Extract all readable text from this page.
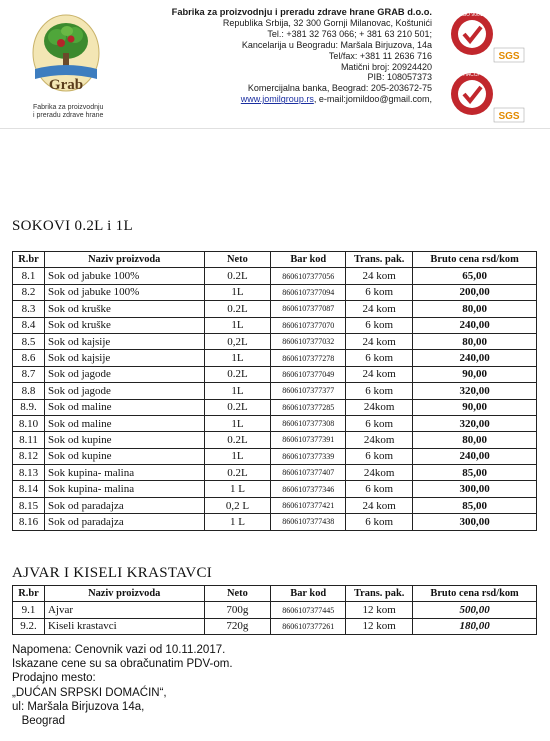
Grab
Fabrika za proizvodnju
i preradu zdrave hrane
Fabrika za proizvodnju i preradu zdrave hrane GRAB d.o.o.
Republika Srbija, 32 300 Gornji Milanovac, Koštunići
Tel.: +381 32 763 066; + 381 63 210 501;
Kancelarija u Beogradu: Maršala Birjuzova, 14a
Tel/fax: +381 11 2636 716
Matični broj: 20924420
PIB: 108057373
Komercijalna banka, Beograd: 205-203672-75
www.jomilgroup.rs, e-mail:jomildoo@gmail.com,
ISO 9001
SGS
HACCP
SGS
SOKOVI 0.2L i 1L
R.br	Naziv proizvoda	Neto	Bar kod	Trans. pak.	Bruto cena rsd/kom
8.1	Sok od jabuke 100%	0.2L	8606107377056	24 kom	65,00
8.2	Sok od jabuke 100%	1L	8606107377094	6 kom	200,00
8.3	Sok od kruške	0.2L	8606107377087	24 kom	80,00
8.4	Sok od kruške	1L	8606107377070	6 kom	240,00
8.5	Sok od kajsije	0,2L	8606107377032	24 kom	80,00
8.6	Sok od kajsije	1L	8606107377278	6 kom	240,00
8.7	Sok od jagode	0.2L	8606107377049	24 kom	90,00
8.8	Sok od jagode	1L	8606107377377	6 kom	320,00
8.9.	Sok od maline	0.2L	8606107377285	24kom	90,00
8.10	Sok od maline	1L	8606107377308	6 kom	320,00
8.11	Sok od kupine	0.2L	8606107377391	24kom	80,00
8.12	Sok od kupine	1L	8606107377339	6 kom	240,00
8.13	Sok kupina- malina	0.2L	8606107377407	24kom	85,00
8.14	Sok kupina- malina	1 L	8606107377346	6 kom	300,00
8.15	Sok od paradajza	0,2 L	8606107377421	24 kom	85,00
8.16	Sok od paradajza	1 L	8606107377438	6 kom	300,00
AJVAR I KISELI KRASTAVCI
R.br	Naziv proizvoda	Neto	Bar kod	Trans. pak.	Bruto cena rsd/kom
9.1	Ajvar	700g	8606107377445	12 kom	500,00
9.2.	Kiseli krastavci	720g	8606107377261	12 kom	180,00
Napomena: Cenovnik vazi od 10.11.2017.
Iskazane cene su sa obračunatim PDV-om.
Prodajno mesto:
„DUĆAN SRPSKI DOMAĆIN“,
ul: Maršala Birjuzova 14a,
Beograd
